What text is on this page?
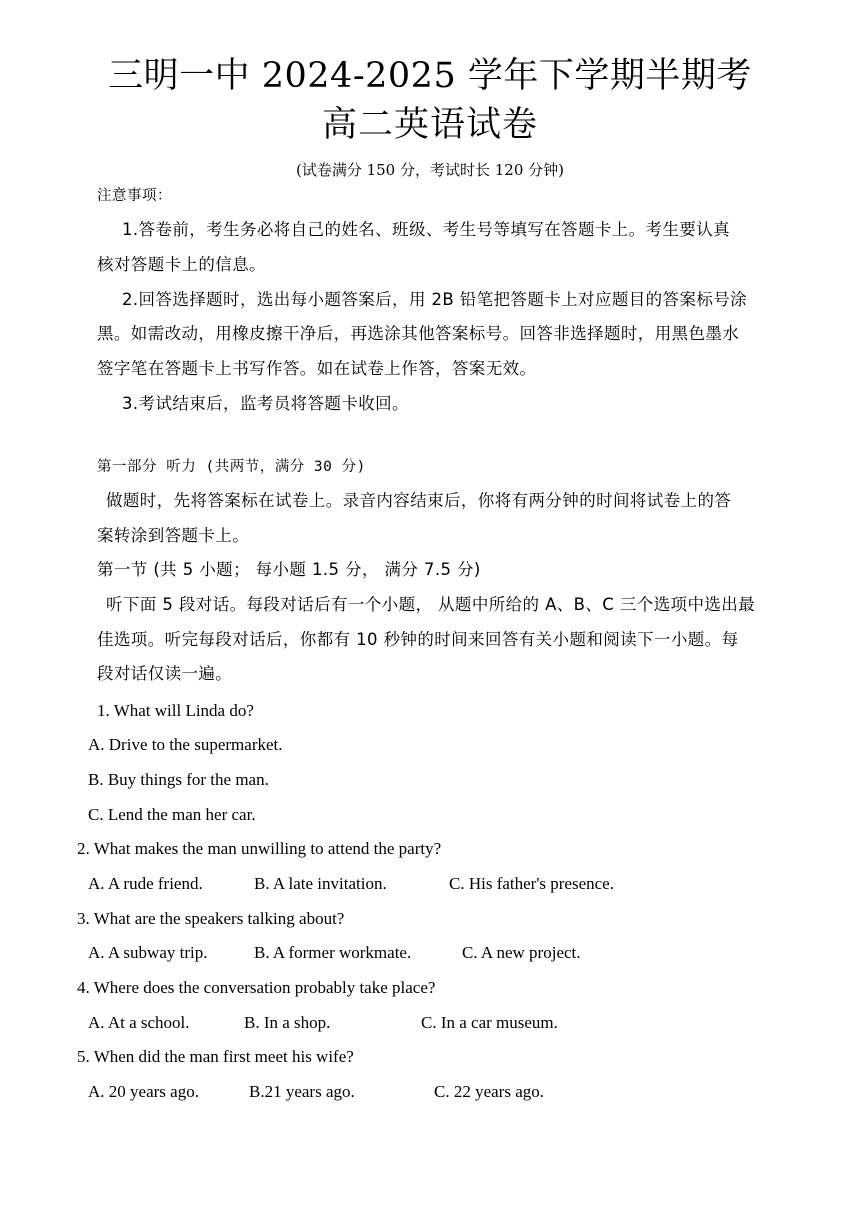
三明一中 2024-2025 学年下学期半期考
高二英语试卷
(试卷满分 150 分，考试时长 120 分钟)
注意事项：
1.答卷前，考生务必将自己的姓名、班级、考生号等填写在答题卡上。考生要认真
核对答题卡上的信息。
2.回答选择题时，选出每小题答案后，用 2B 铅笔把答题卡上对应题目的答案标号涂
黑。如需改动，用橡皮擦干净后，再选涂其他答案标号。回答非选择题时，用黑色墨水
签字笔在答题卡上书写作答。如在试卷上作答，答案无效。
3.考试结束后，监考员将答题卡收回。
第一部分 听力 (共两节，满分 30 分)
做题时，先将答案标在试卷上。录音内容结束后，你将有两分钟的时间将试卷上的答
案转涂到答题卡上。
第一节 (共 5 小题； 每小题 1.5 分， 满分 7.5 分)
听下面 5 段对话。每段对话后有一个小题， 从题中所给的 A、B、C 三个选项中选出最
佳选项。听完每段对话后，你都有 10 秒钟的时间来回答有关小题和阅读下一小题。每
段对话仅读一遍。
1. What will Linda do?
A. Drive to the supermarket.
B. Buy things for the man.
C. Lend the man her car.
2. What makes the man unwilling to attend the party?
A. A rude friend.	B. A late invitation.	C. His father's presence.
3. What are the speakers talking about?
A. A subway trip.	B. A former workmate.	C. A new project.
4. Where does the conversation probably take place?
A. At a school.	B. In a shop.	C. In a car museum.
5. When did the man first meet his wife?
A. 20 years ago.	B.21 years ago.	C. 22 years ago.
